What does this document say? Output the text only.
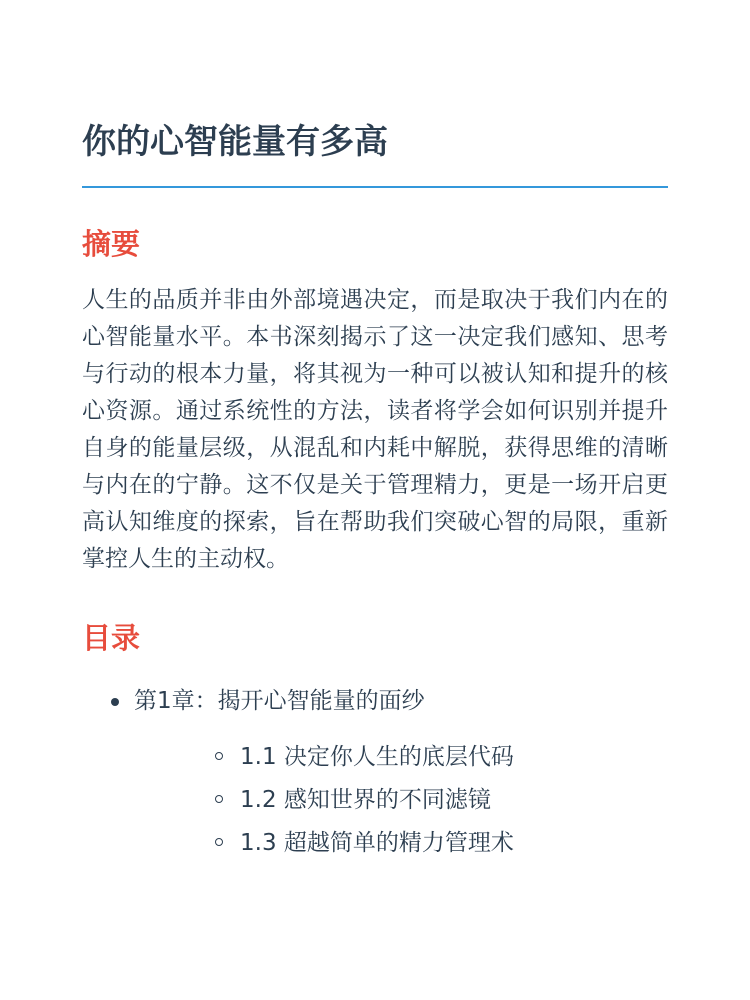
你的心智能量有多高
摘要

人生的品质并非由外部境遇决定，而是取决于我们内在的心智能量水平。本书深刻揭示了这一决定我们感知、思考与行动的根本力量，将其视为一种可以被认知和提升的核心资源。通过系统性的方法，读者将学会如何识别并提升自身的能量层级，从混乱和内耗中解脱，获得思维的清晰与内在的宁静。这不仅是关于管理精力，更是一场开启更高认知维度的探索，旨在帮助我们突破心智的局限，重新掌控人生的主动权。

目录
第1章：揭开心智能量的面纱
1.1 决定你人生的底层代码
1.2 感知世界的不同滤镜
1.3 超越简单的精力管理术
